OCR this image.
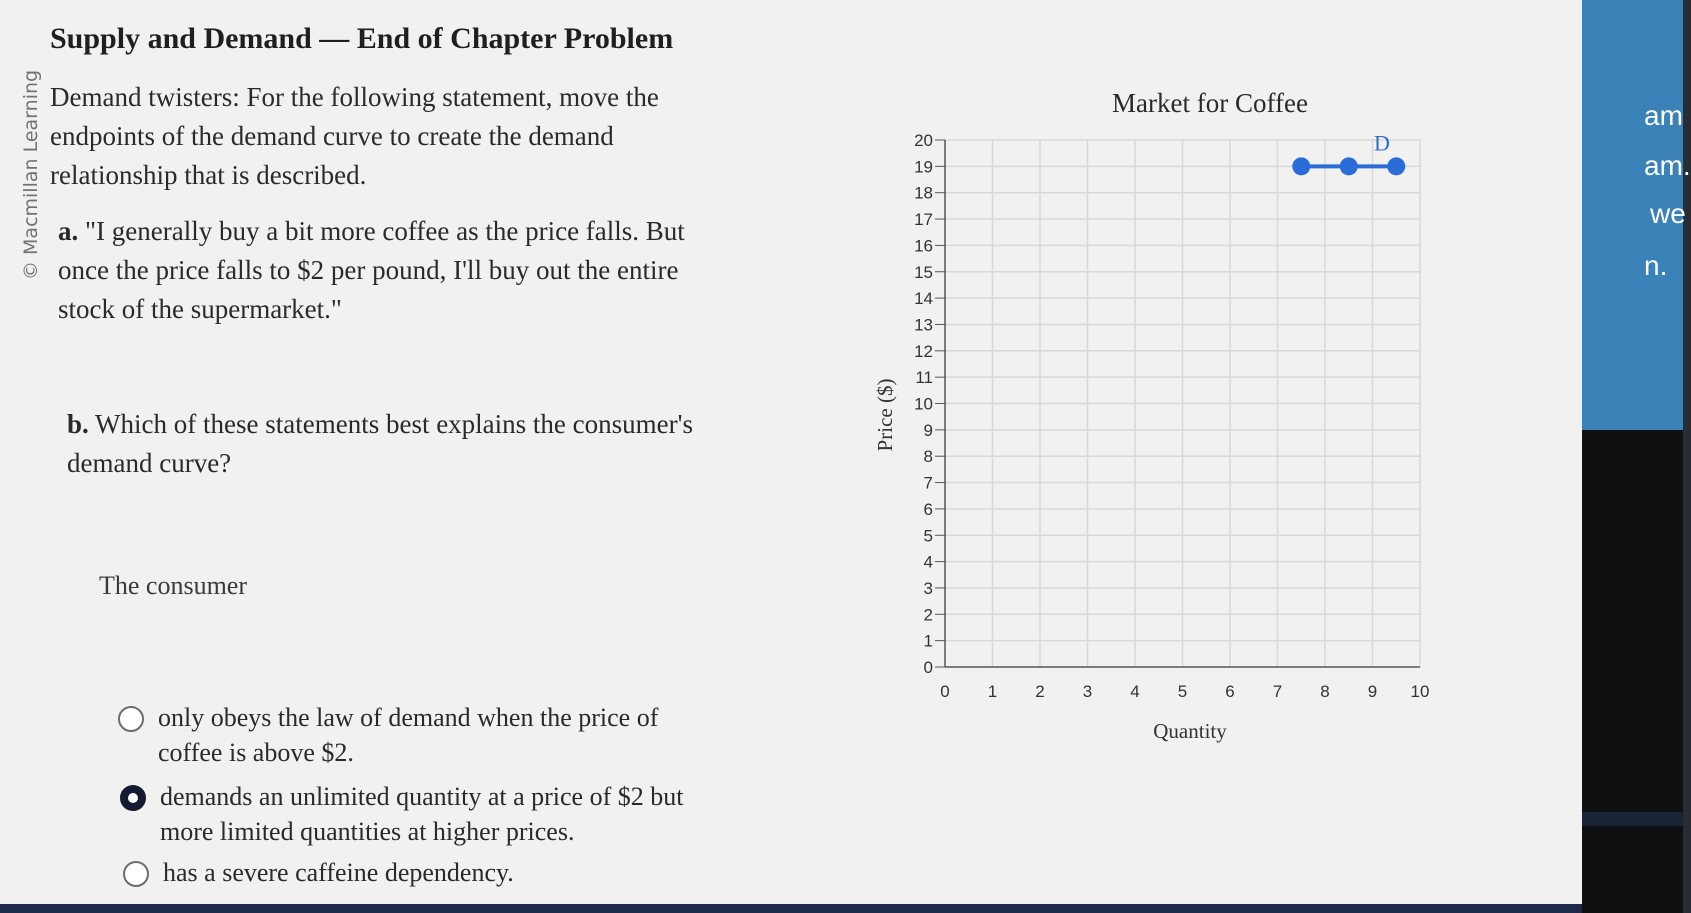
© Macmillan Learning
Supply and Demand — End of Chapter Problem

Demand twisters: For the following statement, move the endpoints of the demand curve to create the demand relationship that is described.

a. "I generally buy a bit more coffee as the price falls. But once the price falls to $2 per pound, I'll buy out the entire stock of the supermarket."

b. Which of these statements best explains the consumer's demand curve?

The consumer

only obeys the law of demand when the price of coffee is above $2.
demands an unlimited quantity at a price of $2 but more limited quantities at higher prices.
has a severe caffeine dependency.
Market for Coffee
0 1 2 3 4 5 6 7 8 9 10
0
1
2
3
4
5
6
7
8
9
10
11
12
13
14
15
16
17
18
19
20
Price ($)
Quantity
D
am
am.
we
n.
